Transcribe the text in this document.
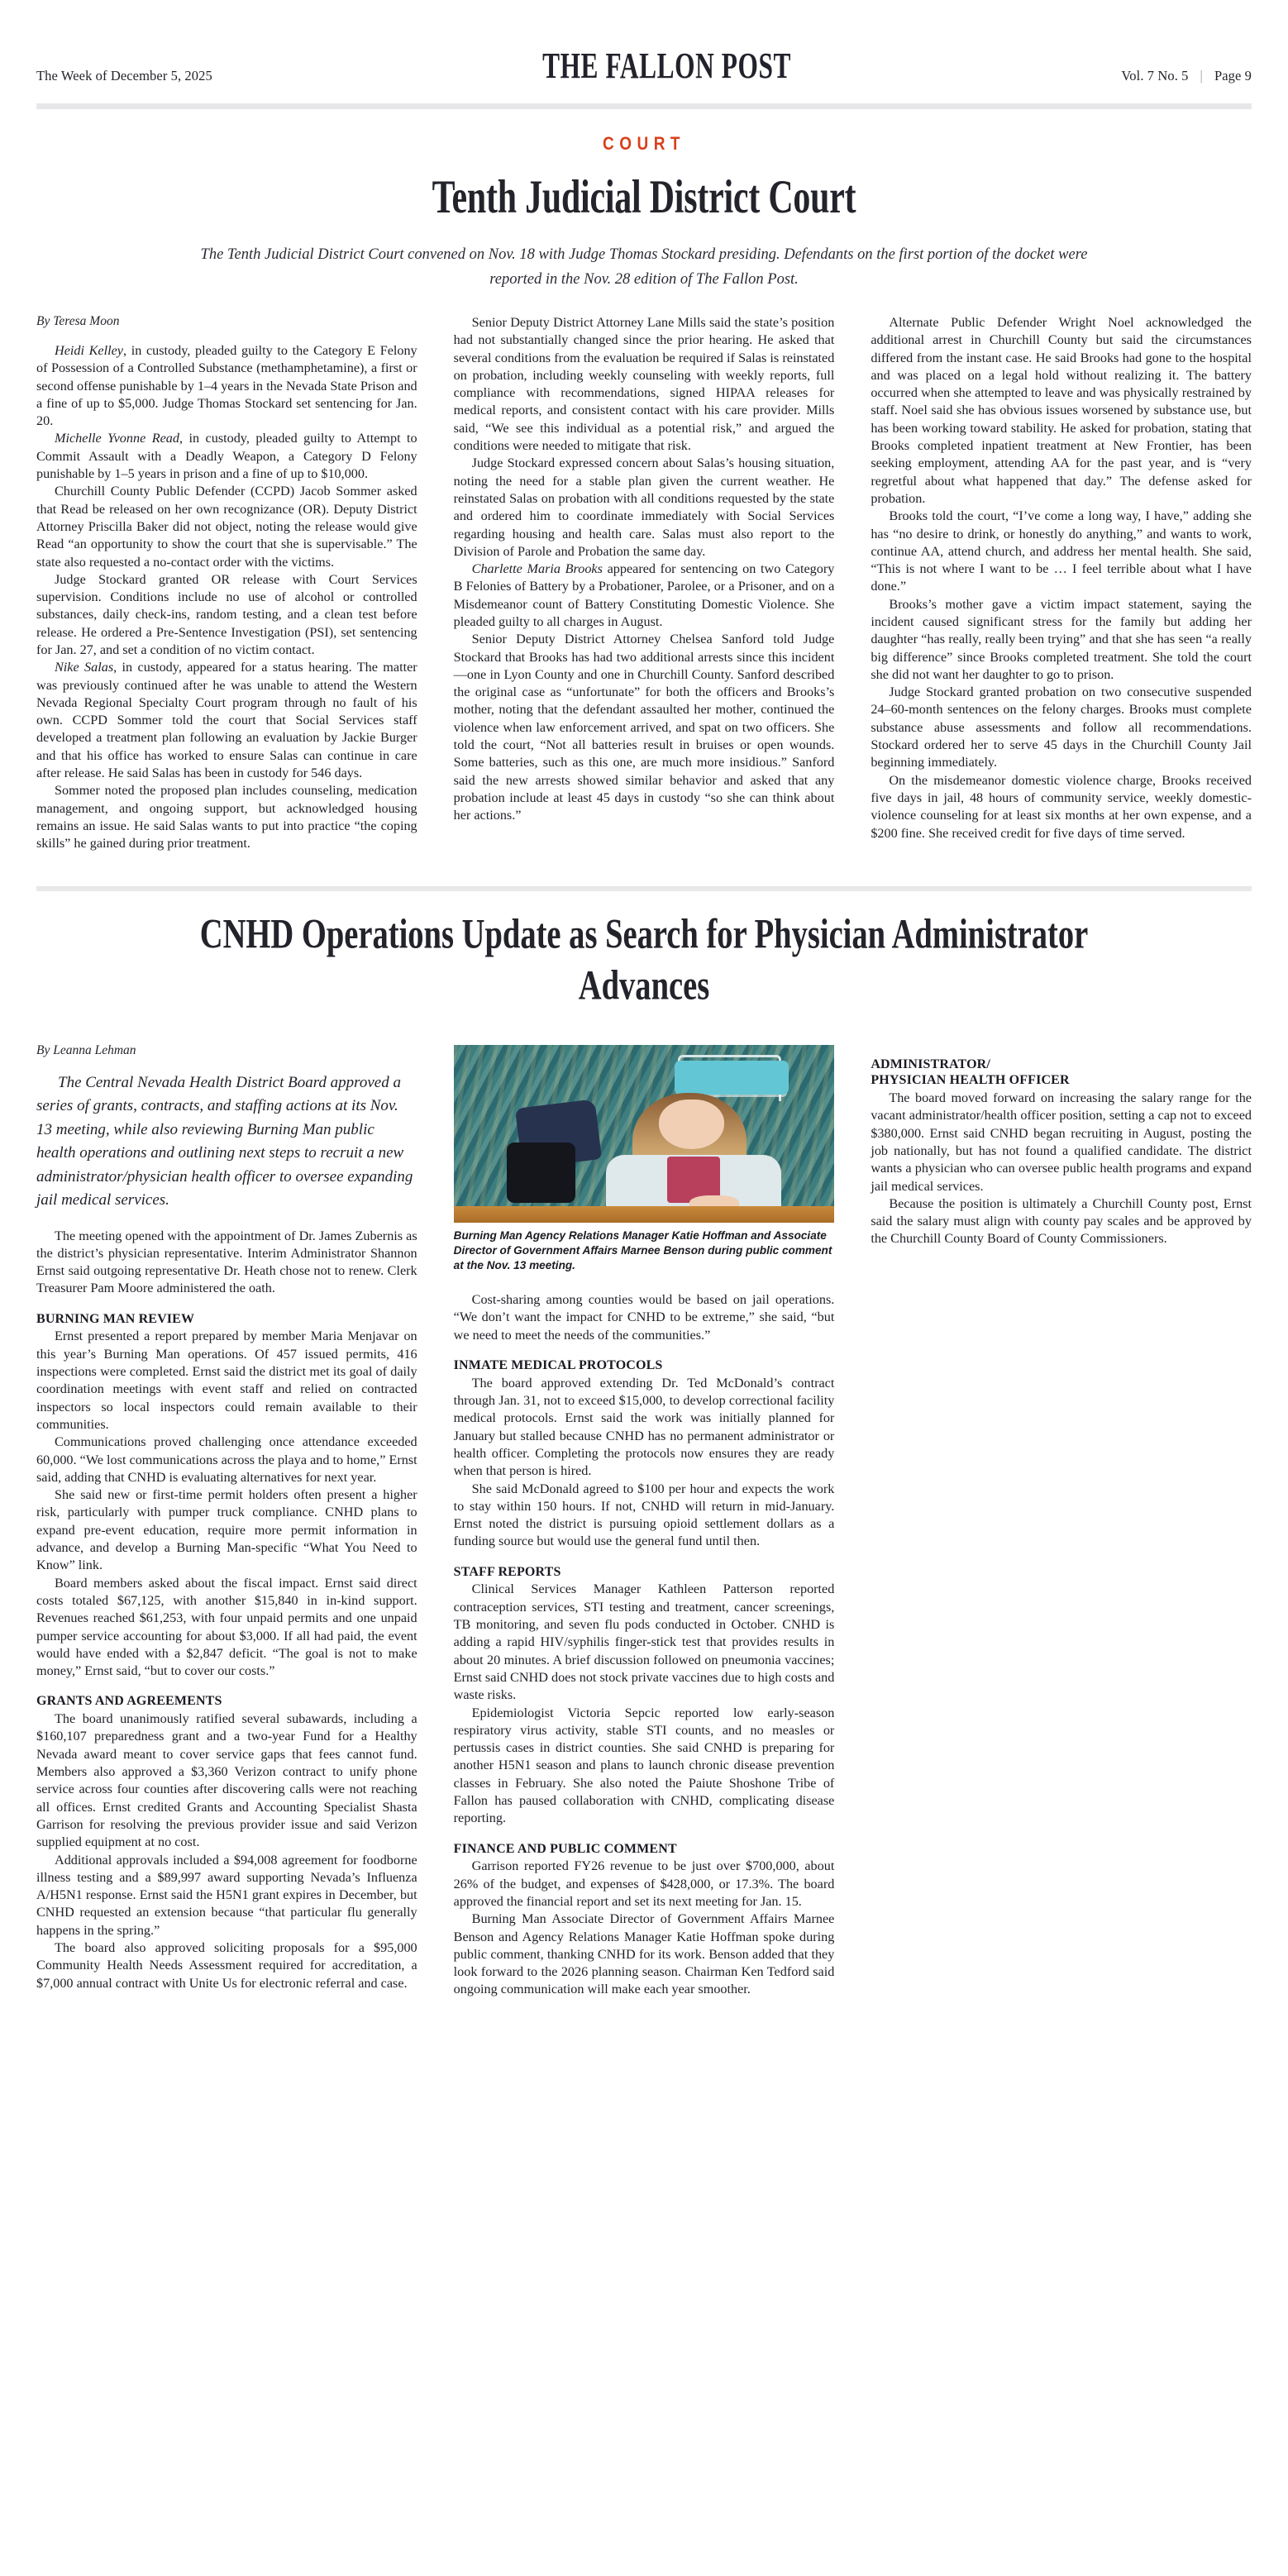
The Week of December 5, 2025	THE FALLON POST	Vol. 7 No. 5 | Page 9
COURT
Tenth Judicial District Court
The Tenth Judicial District Court convened on Nov. 18 with Judge Thomas Stockard presiding. Defendants on the first portion of the docket were reported in the Nov. 28 edition of The Fallon Post.
By Teresa Moon

Heidi Kelley, in custody, pleaded guilty to the Category E Felony of Possession of a Controlled Substance (methamphetamine), a first or second offense punishable by 1–4 years in the Nevada State Prison and a fine of up to $5,000. Judge Thomas Stockard set sentencing for Jan. 20.

Michelle Yvonne Read, in custody, pleaded guilty to Attempt to Commit Assault with a Deadly Weapon, a Category D Felony punishable by 1–5 years in prison and a fine of up to $10,000.

Churchill County Public Defender (CCPD) Jacob Sommer asked that Read be released on her own recognizance (OR). Deputy District Attorney Priscilla Baker did not object, noting the release would give Read “an opportunity to show the court that she is supervisable.” The state also requested a no-contact order with the victims.

Judge Stockard granted OR release with Court Services supervision. Conditions include no use of alcohol or controlled substances, daily check-ins, random testing, and a clean test before release. He ordered a Pre-Sentence Investigation (PSI), set sentencing for Jan. 27, and set a condition of no victim contact.

Nike Salas, in custody, appeared for a status hearing. The matter was previously continued after he was unable to attend the Western Nevada Regional Specialty Court program through no fault of his own. CCPD Sommer told the court that Social Services staff developed a treatment plan following an evaluation by Jackie Burger and that his office has worked to ensure Salas can continue in care after release. He said Salas has been in custody for 546 days.

Sommer noted the proposed plan includes counseling, medication management, and ongoing support, but acknowledged housing remains an issue. He said Salas wants to put into practice “the coping skills” he gained during prior treatment.

Senior Deputy District Attorney Lane Mills said the state’s position had not substantially changed since the prior hearing. He asked that several conditions from the evaluation be required if Salas is reinstated on probation, including weekly counseling with weekly reports, full compliance with recommendations, signed HIPAA releases for medical reports, and consistent contact with his care provider. Mills said, “We see this individual as a potential risk,” and argued the conditions were needed to mitigate that risk.

Judge Stockard expressed concern about Salas’s housing situation, noting the need for a stable plan given the current weather. He reinstated Salas on probation with all conditions requested by the state and ordered him to coordinate immediately with Social Services regarding housing and health care. Salas must also report to the Division of Parole and Probation the same day.

Charlette Maria Brooks appeared for sentencing on two Category B Felonies of Battery by a Probationer, Parolee, or a Prisoner, and on a Misdemeanor count of Battery Constituting Domestic Violence. She pleaded guilty to all charges in August.

Senior Deputy District Attorney Chelsea Sanford told Judge Stockard that Brooks has had two additional arrests since this incident—one in Lyon County and one in Churchill County. Sanford described the original case as “unfortunate” for both the officers and Brooks’s mother, noting that the defendant assaulted her mother, continued the violence when law enforcement arrived, and spat on two officers. She told the court, “Not all batteries result in bruises or open wounds. Some batteries, such as this one, are much more insidious.” Sanford said the new arrests showed similar behavior and asked that any probation include at least 45 days in custody “so she can think about her actions.”

Alternate Public Defender Wright Noel acknowledged the additional arrest in Churchill County but said the circumstances differed from the instant case. He said Brooks had gone to the hospital and was placed on a legal hold without realizing it. The battery occurred when she attempted to leave and was physically restrained by staff. Noel said she has obvious issues worsened by substance use, but has been working toward stability. He asked for probation, stating that Brooks completed inpatient treatment at New Frontier, has been seeking employment, attending AA for the past year, and is “very regretful about what happened that day.” The defense asked for probation.

Brooks told the court, “I’ve come a long way, I have,” adding she has “no desire to drink, or honestly do anything,” and wants to work, continue AA, attend church, and address her mental health. She said, “This is not where I want to be … I feel terrible about what I have done.”

Brooks’s mother gave a victim impact statement, saying the incident caused significant stress for the family but adding her daughter “has really, really been trying” and that she has seen “a really big difference” since Brooks completed treatment. She told the court she did not want her daughter to go to prison.

Judge Stockard granted probation on two consecutive suspended 24–60-month sentences on the felony charges. Brooks must complete substance abuse assessments and follow all recommendations. Stockard ordered her to serve 45 days in the Churchill County Jail beginning immediately.

On the misdemeanor domestic violence charge, Brooks received five days in jail, 48 hours of community service, weekly domestic-violence counseling for at least six months at her own expense, and a $200 fine. She received credit for five days of time served.

CNHD Operations Update as Search for Physician Administrator Advances
By Leanna Lehman

The Central Nevada Health District Board approved a series of grants, contracts, and staffing actions at its Nov. 13 meeting, while also reviewing Burning Man public health operations and outlining next steps to recruit a new administrator/physician health officer to oversee expanding jail medical services.

The meeting opened with the appointment of Dr. James Zubernis as the district’s physician representative. Interim Administrator Shannon Ernst said outgoing representative Dr. Heath chose not to renew. Clerk Treasurer Pam Moore administered the oath.

BURNING MAN REVIEW

Ernst presented a report prepared by member Maria Menjavar on this year’s Burning Man operations. Of 457 issued permits, 416 inspections were completed. Ernst said the district met its goal of daily coordination meetings with event staff and relied on contracted inspectors so local inspectors could remain available to their communities.

Communications proved challenging once attendance exceeded 60,000. “We lost communications across the playa and to home,” Ernst said, adding that CNHD is evaluating alternatives for next year.

She said new or first-time permit holders often present a higher risk, particularly with pumper truck compliance. CNHD plans to expand pre-event education, require more permit information in advance, and develop a Burning Man-specific “What You Need to Know” link.

Board members asked about the fiscal impact. Ernst said direct costs totaled $67,125, with another $15,840 in in-kind support. Revenues reached $61,253, with four unpaid permits and one unpaid pumper service accounting for about $3,000. If all had paid, the event would have ended with a $2,847 deficit. “The goal is not to make money,” Ernst said, “but to cover our costs.”

GRANTS AND AGREEMENTS

The board unanimously ratified several subawards, including a $160,107 preparedness grant and a two-year Fund for a Healthy Nevada award meant to cover service gaps that fees cannot fund. Members also approved a $3,360 Verizon contract to unify phone service across four counties after discovering calls were not reaching all offices. Ernst credited Grants and Accounting Specialist Shasta Garrison for resolving the previous provider issue and said Verizon supplied equipment at no cost.

Additional approvals included a $94,008 agreement for foodborne illness testing and a $89,997 award supporting Nevada’s Influenza A/H5N1 response. Ernst said the H5N1 grant expires in December, but CNHD requested an extension because “that particular flu generally happens in the spring.”

The board also approved soliciting proposals for a $95,000 Community Health Needs Assessment required for accreditation, a $7,000 annual contract with Unite Us for electronic referral and case.

Burning Man Agency Relations Manager Katie Hoffman and Associate Director of Government Affairs Marnee Benson during public comment at the Nov. 13 meeting.

Cost-sharing among counties would be based on jail operations. “We don’t want the impact for CNHD to be extreme,” she said, “but we need to meet the needs of the communities.”

INMATE MEDICAL PROTOCOLS

The board approved extending Dr. Ted McDonald’s contract through Jan. 31, not to exceed $15,000, to develop correctional facility medical protocols. Ernst said the work was initially planned for January but stalled because CNHD has no permanent administrator or health officer. Completing the protocols now ensures they are ready when that person is hired.

She said McDonald agreed to $100 per hour and expects the work to stay within 150 hours. If not, CNHD will return in mid-January. Ernst noted the district is pursuing opioid settlement dollars as a funding source but would use the general fund until then.

STAFF REPORTS

Clinical Services Manager Kathleen Patterson reported contraception services, STI testing and treatment, cancer screenings, TB monitoring, and seven flu pods conducted in October. CNHD is adding a rapid HIV/syphilis finger-stick test that provides results in about 20 minutes. A brief discussion followed on pneumonia vaccines; Ernst said CNHD does not stock private vaccines due to high costs and waste risks.

Epidemiologist Victoria Sepcic reported low early-season respiratory virus activity, stable STI counts, and no measles or pertussis cases in district counties. She said CNHD is preparing for another H5N1 season and plans to launch chronic disease prevention classes in February. She also noted the Paiute Shoshone Tribe of Fallon has paused collaboration with CNHD, complicating disease reporting.

FINANCE AND PUBLIC COMMENT

Garrison reported FY26 revenue to be just over $700,000, about 26% of the budget, and expenses of $428,000, or 17.3%. The board approved the financial report and set its next meeting for Jan. 15.

Burning Man Associate Director of Government Affairs Marnee Benson and Agency Relations Manager Katie Hoffman spoke during public comment, thanking CNHD for its work. Benson added that they look forward to the 2026 planning season. Chairman Ken Tedford said ongoing communication will make each year smoother.

ADMINISTRATOR/
PHYSICIAN HEALTH OFFICER

The board moved forward on increasing the salary range for the vacant administrator/health officer position, setting a cap not to exceed $380,000. Ernst said CNHD began recruiting in August, posting the job nationally, but has not found a qualified candidate. The district wants a physician who can oversee public health programs and expand jail medical services.

Because the position is ultimately a Churchill County post, Ernst said the salary must align with county pay scales and be approved by the Churchill County Board of County Commissioners.
